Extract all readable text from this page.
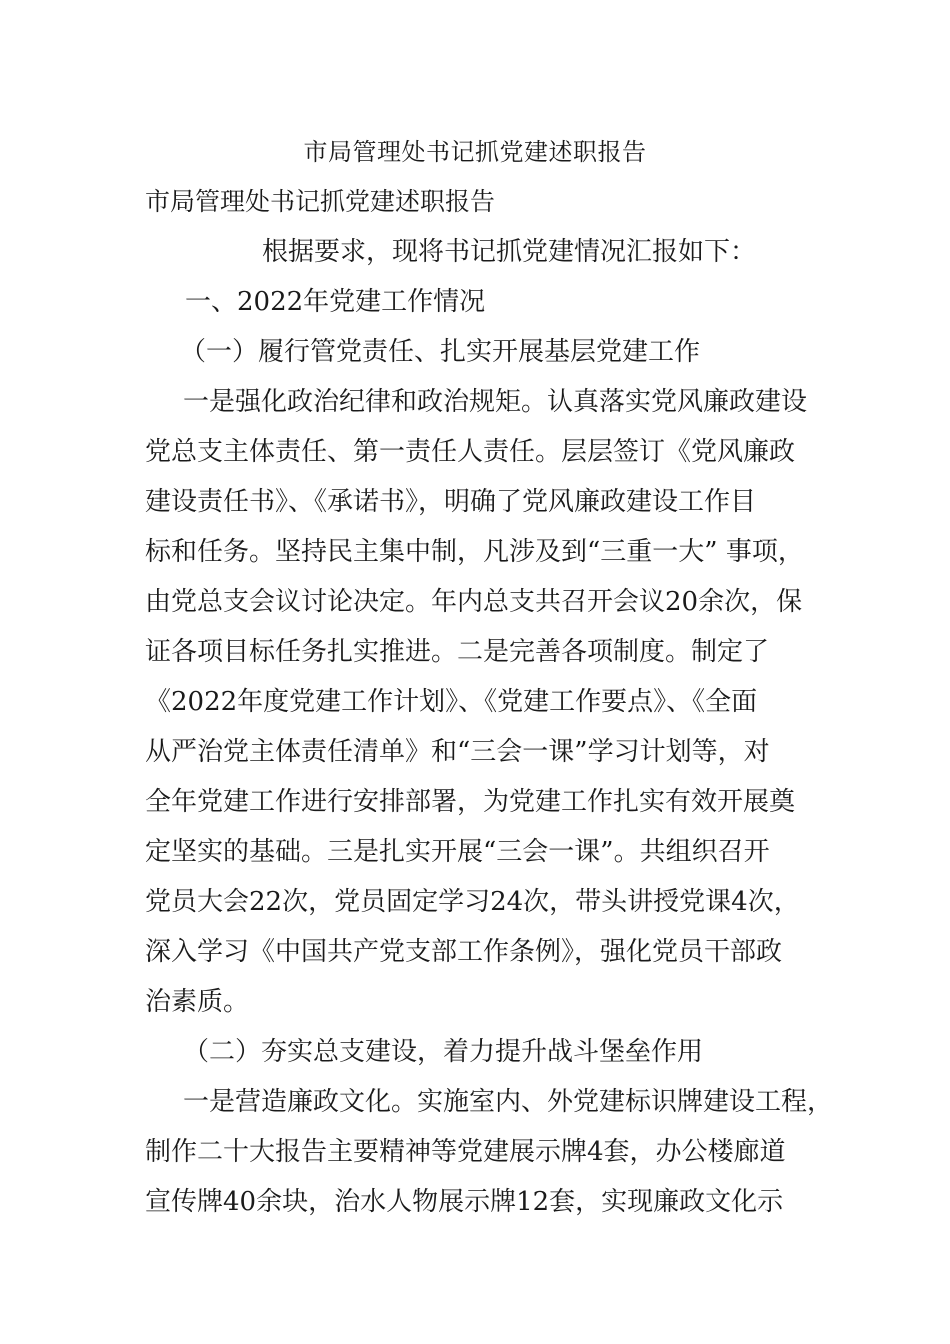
市局管理处书记抓党建述职报告
市局管理处书记抓党建述职报告
根据要求，现将书记抓党建情况汇报如下：
一、2022年党建工作情况
（一）履行管党责任、扎实开展基层党建工作
一是强化政治纪律和政治规矩。认真落实党风廉政建设
党总支主体责任、第一责任人责任。层层签订《党风廉政
建设责任书》、《承诺书》，明确了党风廉政建设工作目
标和任务。坚持民主集中制，凡涉及到“三重一大” 事项，
由党总支会议讨论决定。年内总支共召开会议20余次，保
证各项目标任务扎实推进。二是完善各项制度。制定了
《2022年度党建工作计划》、《党建工作要点》、《全面
从严治党主体责任清单》和“三会一课”学习计划等，对
全年党建工作进行安排部署，为党建工作扎实有效开展奠
定坚实的基础。三是扎实开展“三会一课”。共组织召开
党员大会22次，党员固定学习24次，带头讲授党课4次，
深入学习《中国共产党支部工作条例》，强化党员干部政
治素质。
（二）夯实总支建设，着力提升战斗堡垒作用
一是营造廉政文化。实施室内、外党建标识牌建设工程，
制作二十大报告主要精神等党建展示牌4套，办公楼廊道
宣传牌40余块，治水人物展示牌12套，实现廉政文化示
